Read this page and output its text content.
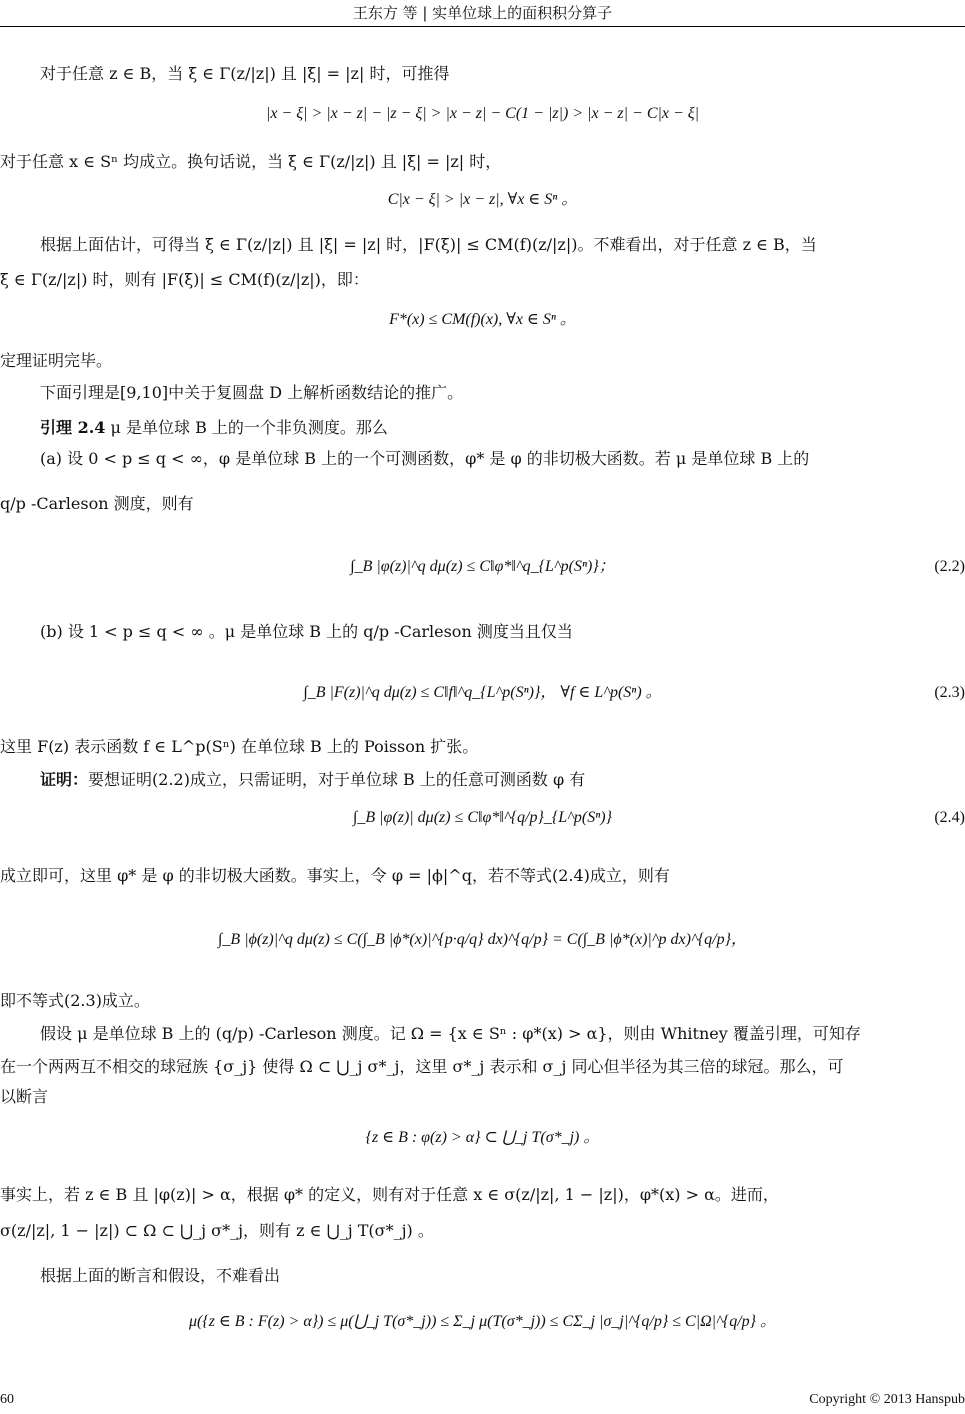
王东方 等 | 实单位球上的面积积分算子
对于任意 z ∈ B，当 ξ ∈ Γ(z/|z|) 且 |ξ| = |z| 时，可推得
|x − ξ| > |x − z| − |z − ξ| > |x − z| − C(1 − |z|) > |x − z| − C|x − ξ|
对于任意 x ∈ Sⁿ 均成立。换句话说，当 ξ ∈ Γ(z/|z|) 且 |ξ| = |z| 时，
C|x − ξ| > |x − z|, ∀x ∈ Sⁿ 。
根据上面估计，可得当 ξ ∈ Γ(z/|z|) 且 |ξ| = |z| 时，|F(ξ)| ≤ CM(f)(z/|z|)。不难看出，对于任意 z ∈ B，当
ξ ∈ Γ(z/|z|) 时，则有 |F(ξ)| ≤ CM(f)(z/|z|)，即：
F*(x) ≤ CM(f)(x), ∀x ∈ Sⁿ 。
定理证明完毕。
下面引理是[9,10]中关于复圆盘 D 上解析函数结论的推广。
引理 2.4 μ 是单位球 B 上的一个非负测度。那么
(a) 设 0 < p ≤ q < ∞，φ 是单位球 B 上的一个可测函数，φ* 是 φ 的非切极大函数。若 μ 是单位球 B 上的
q/p -Carleson 测度，则有
∫_B |φ(z)|^q dμ(z) ≤ C‖φ*‖^q_{L^p(Sⁿ)}；	(2.2)
(b) 设 1 < p ≤ q < ∞ 。μ 是单位球 B 上的 q/p -Carleson 测度当且仅当
∫_B |F(z)|^q dμ(z) ≤ C‖f‖^q_{L^p(Sⁿ)}， ∀f ∈ L^p(Sⁿ) 。	(2.3)
这里 F(z) 表示函数 f ∈ L^p(Sⁿ) 在单位球 B 上的 Poisson 扩张。
证明：要想证明(2.2)成立，只需证明，对于单位球 B 上的任意可测函数 φ 有
∫_B |φ(z)| dμ(z) ≤ C‖φ*‖^{q/p}_{L^p(Sⁿ)}	(2.4)
成立即可，这里 φ* 是 φ 的非切极大函数。事实上，令 φ = |ϕ|^q，若不等式(2.4)成立，则有
∫_B |ϕ(z)|^q dμ(z) ≤ C(∫_B |ϕ*(x)|^{p·q/q} dx)^{q/p} = C(∫_B |ϕ*(x)|^p dx)^{q/p}，
即不等式(2.3)成立。
假设 μ 是单位球 B 上的 (q/p) -Carleson 测度。记 Ω = {x ∈ Sⁿ : φ*(x) > α}，则由 Whitney 覆盖引理，可知存
在一个两两互不相交的球冠族 {σ_j} 使得 Ω ⊂ ⋃_j σ*_j，这里 σ*_j 表示和 σ_j 同心但半径为其三倍的球冠。那么，可
以断言
{z ∈ B : φ(z) > α} ⊂ ⋃_j T(σ*_j) 。
事实上，若 z ∈ B 且 |φ(z)| > α，根据 φ* 的定义，则有对于任意 x ∈ σ(z/|z|, 1 − |z|)，φ*(x) > α。进而，
σ(z/|z|, 1 − |z|) ⊂ Ω ⊂ ⋃_j σ*_j，则有 z ∈ ⋃_j T(σ*_j) 。
根据上面的断言和假设，不难看出
μ({z ∈ B : F(z) > α}) ≤ μ(⋃_j T(σ*_j)) ≤ Σ_j μ(T(σ*_j)) ≤ CΣ_j |σ_j|^{q/p} ≤ C|Ω|^{q/p} 。
60	Copyright © 2013 Hanspub
